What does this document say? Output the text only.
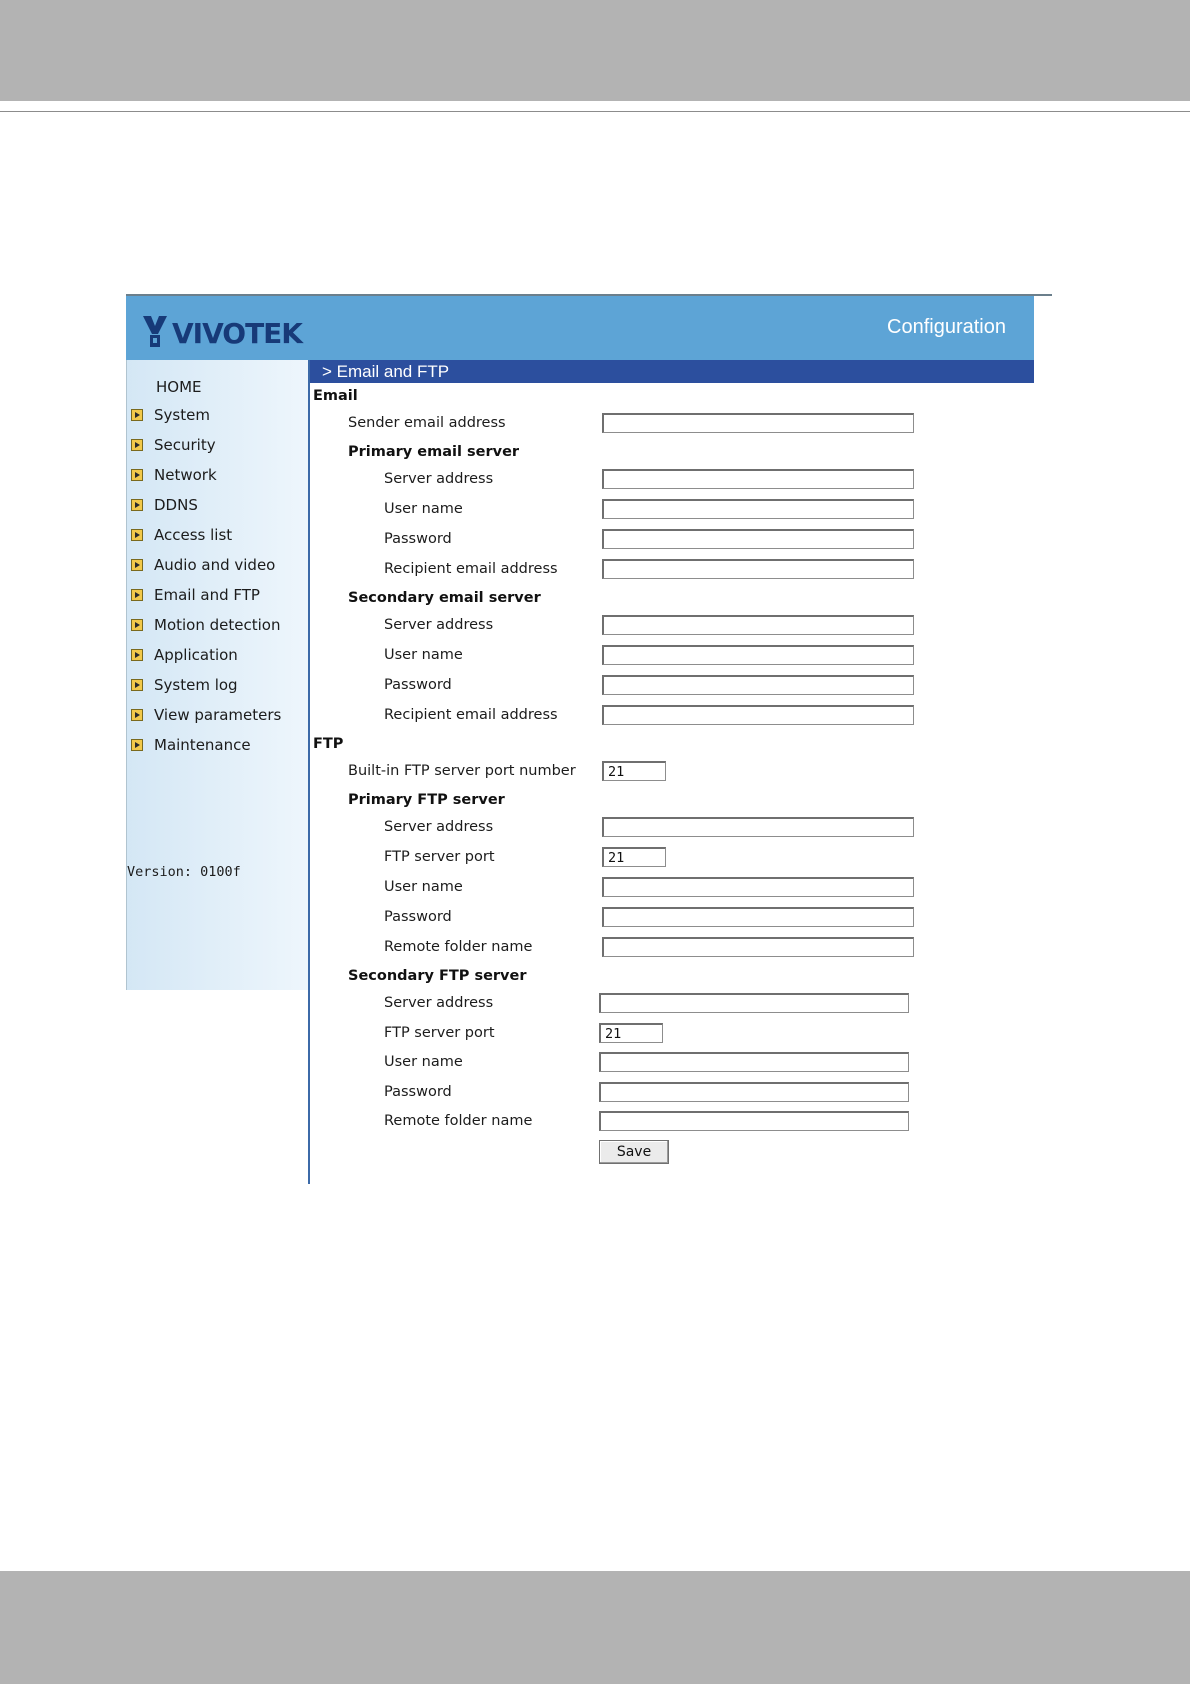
VIVOTEK	Configuration
HOME
System
Security
Network
DDNS
Access list
Audio and video
Email and FTP
Motion detection
Application
System log
View parameters
Maintenance
Version: 0100f
> Email and FTP
Email
Sender email address
Primary email server
Server address
User name
Password
Recipient email address
Secondary email server
Server address
User name
Password
Recipient email address
FTP
Built-in FTP server port number
21
Primary FTP server
Server address
FTP server port
21
User name
Password
Remote folder name
Secondary FTP server
Server address
FTP server port
21
User name
Password
Remote folder name
Save
